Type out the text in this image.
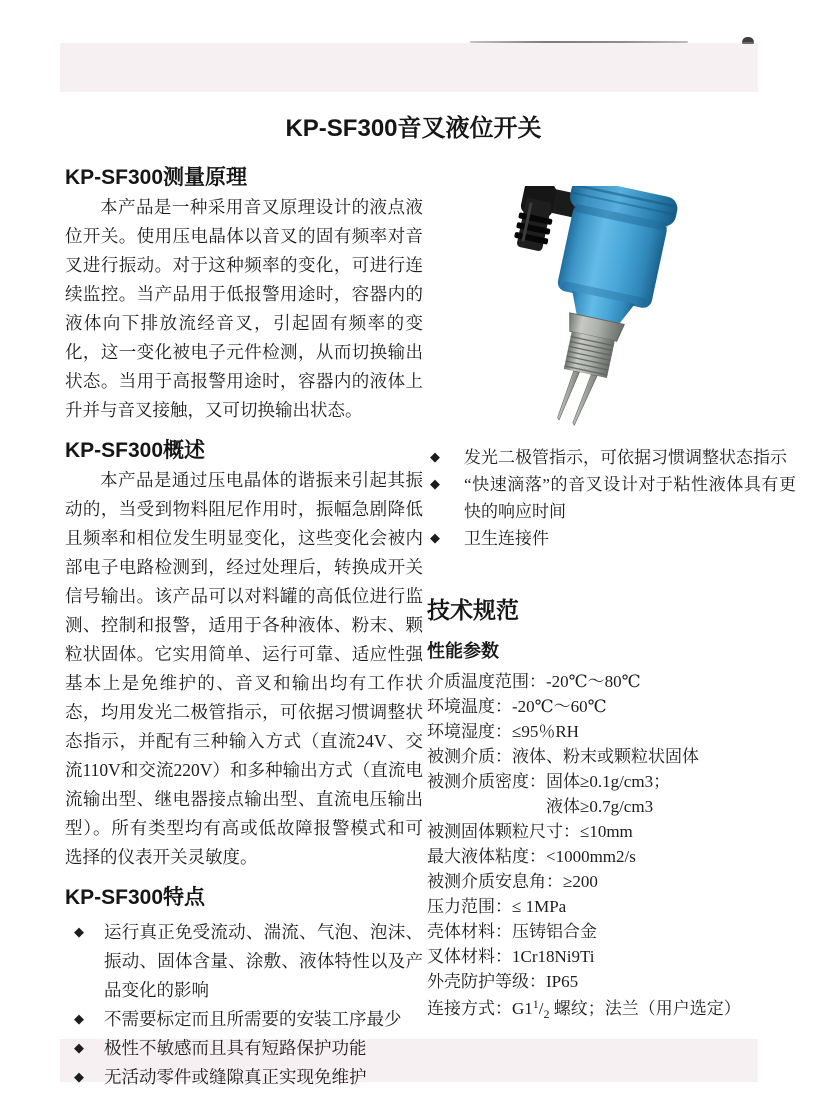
KP-SF300音叉液位开关
KP-SF300测量原理

本产品是一种采用音叉原理设计的液点液位开关。使用压电晶体以音叉的固有频率对音叉进行振动。对于这种频率的变化，可进行连续监控。当产品用于低报警用途时，容器内的液体向下排放流经音叉，引起固有频率的变化，这一变化被电子元件检测，从而切换输出状态。当用于高报警用途时，容器内的液体上升并与音叉接触，又可切换输出状态。

KP-SF300概述

本产品是通过压电晶体的谐振来引起其振动的，当受到物料阻尼作用时，振幅急剧降低且频率和相位发生明显变化，这些变化会被内部电子电路检测到，经过处理后，转换成开关信号输出。该产品可以对料罐的高低位进行监测、控制和报警，适用于各种液体、粉末、颗粒状固体。它实用简单、运行可靠、适应性强基本上是免维护的、音叉和输出均有工作状态，均用发光二极管指示，可依据习惯调整状态指示，并配有三种输入方式（直流24V、交流110V和交流220V）和多种输出方式（直流电流输出型、继电器接点输出型、直流电压输出型）。所有类型均有高或低故障报警模式和可选择的仪表开关灵敏度。

KP-SF300特点
◆	运行真正免受流动、湍流、气泡、泡沫、振动、固体含量、涂敷、液体特性以及产品变化的影响
◆	不需要标定而且所需要的安装工序最少
◆	极性不敏感而且具有短路保护功能
◆	无活动零件或缝隙真正实现免维护
◆	发光二极管指示，可依据习惯调整状态指示
◆	“快速滴落”的音叉设计对于粘性液体具有更快的响应时间
◆	卫生连接件
技术规范
性能参数
介质温度范围：-20℃～80℃
环境温度：-20℃～60℃
环境湿度：≤95％RH
被测介质：液体、粉末或颗粒状固体
被测介质密度：固体≥0.1g/cm3；
　　　　　　　液体≥0.7g/cm3
被测固体颗粒尺寸：≤10mm
最大液体粘度：<1000mm2/s
被测介质安息角：≥200
压力范围：≤ 1MPa
壳体材料：压铸铝合金
叉体材料：1Cr18Ni9Ti
外壳防护等级：IP65
连接方式：$G1^1/_2$ 螺纹；法兰（用户选定）
